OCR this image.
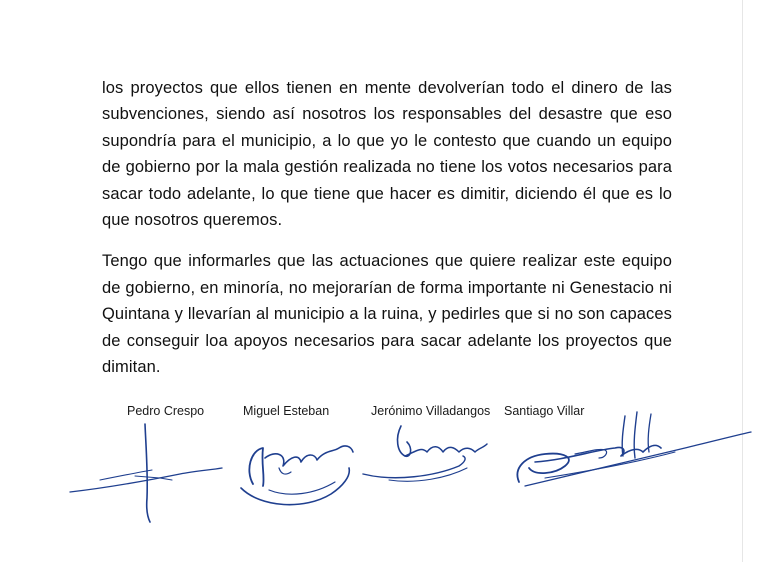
los proyectos que ellos tienen en mente devolverían todo el dinero de las subvenciones, siendo así nosotros los responsables del desastre que eso supondría para el municipio, a lo que yo le contesto que cuando un equipo de gobierno por la mala gestión realizada no tiene los votos necesarios para sacar todo adelante, lo que tiene que hacer es dimitir, diciendo él que es lo que nosotros queremos.

Tengo que informarles que las actuaciones que quiere realizar este equipo de gobierno, en minoría, no mejorarían de forma importante ni Genestacio ni Quintana y llevarían al municipio a la ruina, y pedirles que si no son capaces de conseguir loa apoyos necesarios para sacar adelante los proyectos que dimitan.

Pedro Crespo	Miguel Esteban	Jerónimo Villadangos Santiago Villar
